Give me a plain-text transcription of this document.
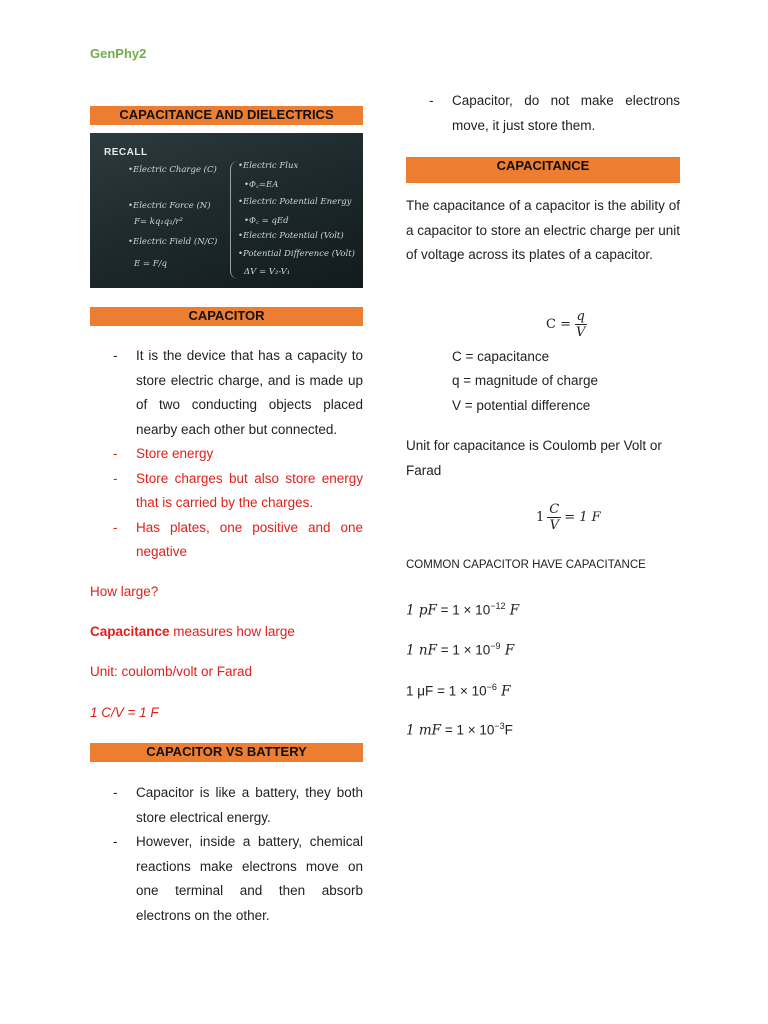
GenPhy2
CAPACITANCE AND DIELECTRICS
RECALL
•Electric Charge (C)
•Electric Force (N)
F= kq₁q₂/r²
•Electric Field (N/C)
E = F/q
•Electric Flux
•Φ꜀=EA
•Φ꜀ = qEd
•Electric Potential Energy
•Electric Potential (Volt)
•Potential Difference (Volt)
ΔV = V₂-V₁
CAPACITOR
- It is the device that has a capacity to store electric charge, and is made up of two conducting objects placed nearby each other but connected.
- Store energy
- Store charges but also store energy that is carried by the charges.
- Has plates, one positive and one negative
How large?
Capacitance measures how large
Unit: coulomb/volt or Farad
1 C/V = 1 F
CAPACITOR VS BATTERY
- Capacitor is like a battery, they both store electrical energy.
- However, inside a battery, chemical reactions make electrons move on one terminal and then absorb electrons on the other.
- Capacitor, do not make electrons move, it just store them.
CAPACITANCE
The capacitance of a capacitor is the ability of a capacitor to store an electric charge per unit of voltage across its plates of a capacitor.
$C = \frac{q}{V}$
C = capacitance
q = magnitude of charge
V = potential difference
Unit for capacitance is Coulomb per Volt or Farad
$1 \frac{C}{V} = 1$ F
COMMON CAPACITOR HAVE CAPACITANCE
1 pF = $1 \times 10^{-12}$ F
1 nF = $1 \times 10^{-9}$ F
1 $\mu F = 1 \times 10^{-6}$ F
1 mF = $1 \times 10^{-3}F$
